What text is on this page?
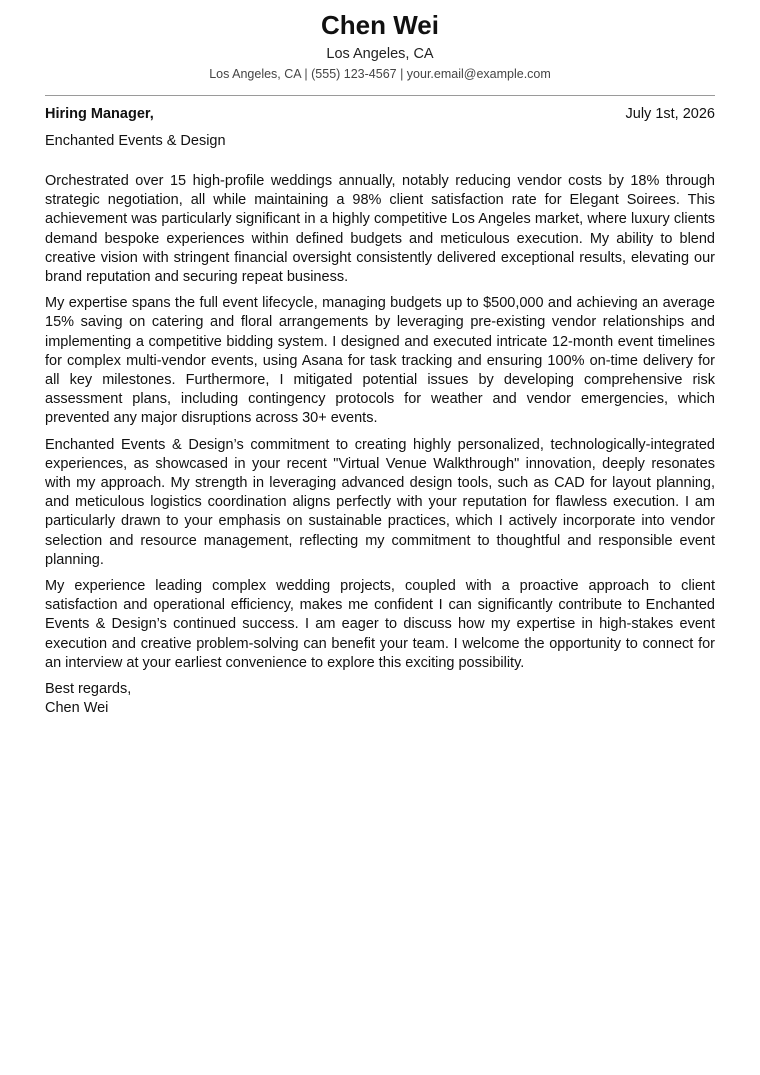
Chen Wei
Los Angeles, CA
Los Angeles, CA | (555) 123-4567 | your.email@example.com
Hiring Manager,	July 1st, 2026
Enchanted Events & Design

Orchestrated over 15 high-profile weddings annually, notably reducing vendor costs by 18% through strategic negotiation, all while maintaining a 98% client satisfaction rate for Elegant Soirees. This achievement was particularly significant in a highly competitive Los Angeles market, where luxury clients demand bespoke experiences within defined budgets and meticulous execution. My ability to blend creative vision with stringent financial oversight consistently delivered exceptional results, elevating our brand reputation and securing repeat business.

My expertise spans the full event lifecycle, managing budgets up to $500,000 and achieving an average 15% saving on catering and floral arrangements by leveraging pre-existing vendor relationships and implementing a competitive bidding system. I designed and executed intricate 12-month event timelines for complex multi-vendor events, using Asana for task tracking and ensuring 100% on-time delivery for all key milestones. Furthermore, I mitigated potential issues by developing comprehensive risk assessment plans, including contingency protocols for weather and vendor emergencies, which prevented any major disruptions across 30+ events.

Enchanted Events & Design’s commitment to creating highly personalized, technologically-integrated experiences, as showcased in your recent "Virtual Venue Walkthrough" innovation, deeply resonates with my approach. My strength in leveraging advanced design tools, such as CAD for layout planning, and meticulous logistics coordination aligns perfectly with your reputation for flawless execution. I am particularly drawn to your emphasis on sustainable practices, which I actively incorporate into vendor selection and resource management, reflecting my commitment to thoughtful and responsible event planning.

My experience leading complex wedding projects, coupled with a proactive approach to client satisfaction and operational efficiency, makes me confident I can significantly contribute to Enchanted Events & Design’s continued success. I am eager to discuss how my expertise in high-stakes event execution and creative problem-solving can benefit your team. I welcome the opportunity to connect for an interview at your earliest convenience to explore this exciting possibility.

Best regards,
Chen Wei
